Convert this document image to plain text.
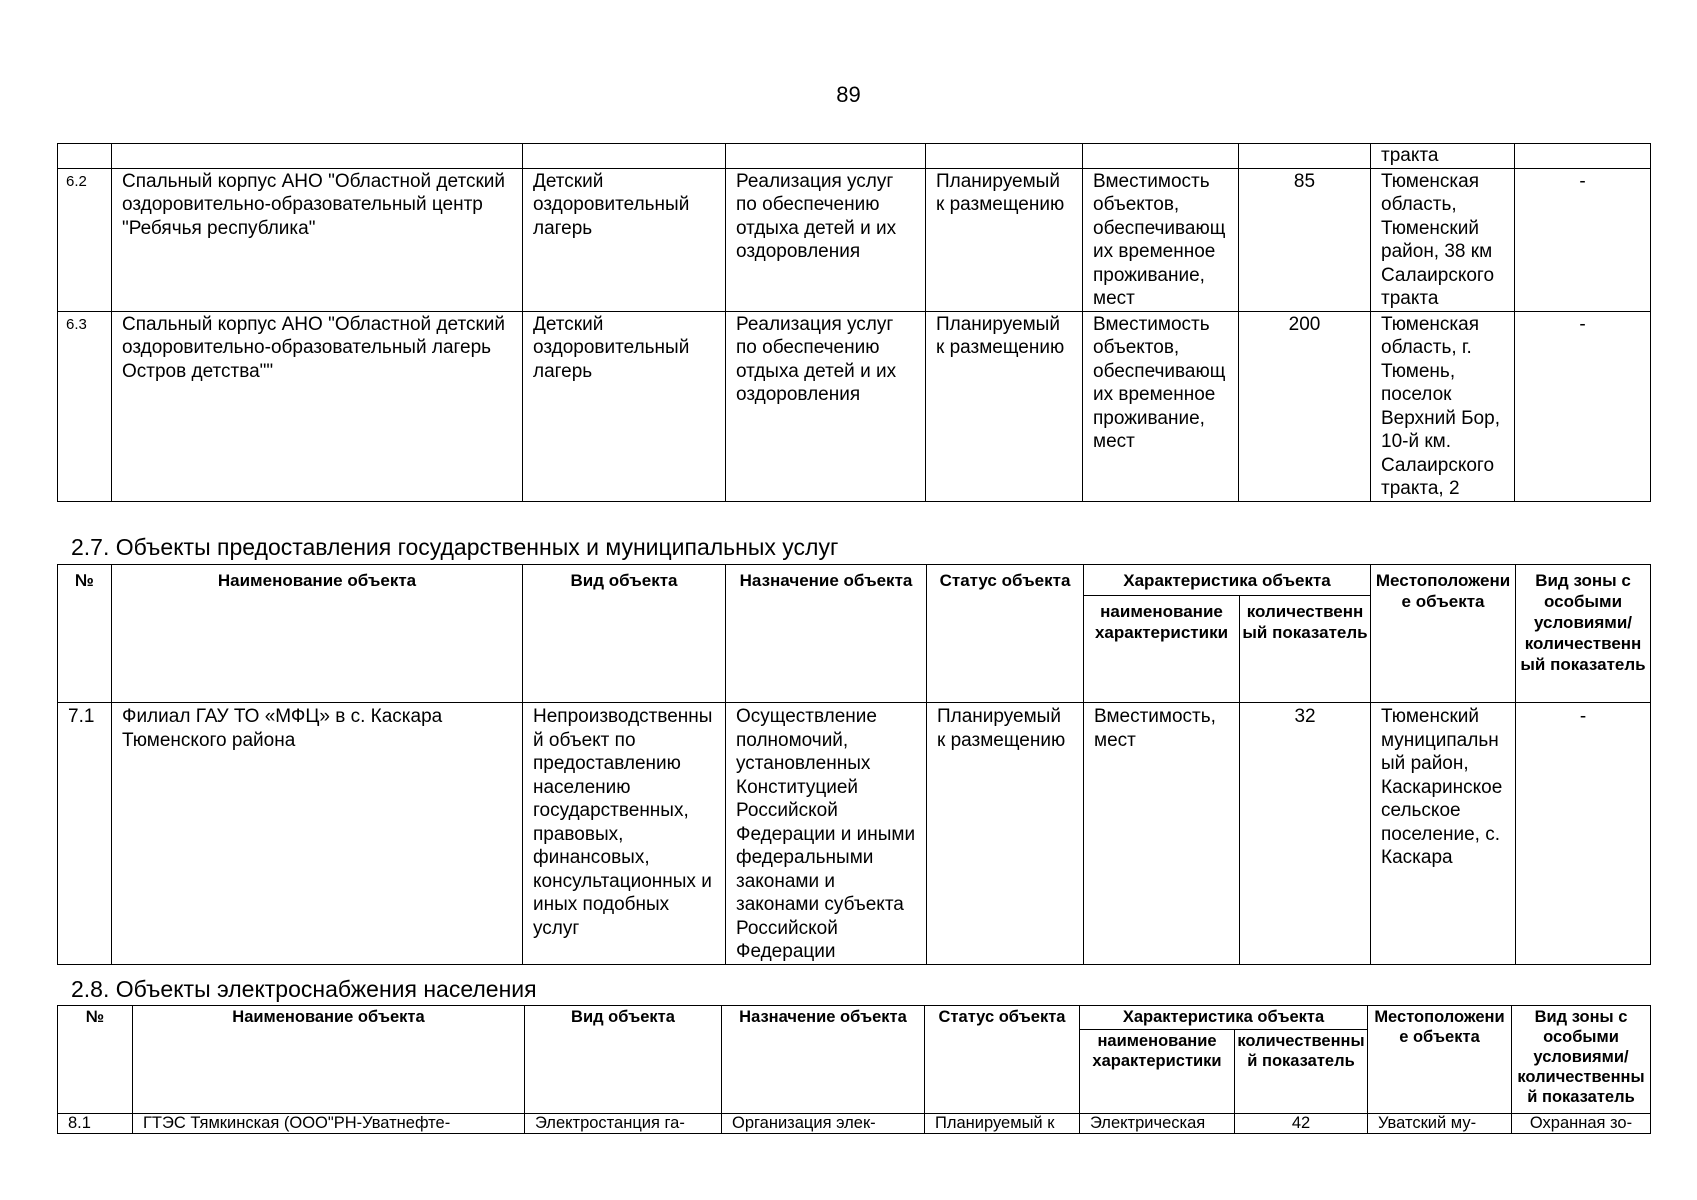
89
							тракта	
6.2	Спальный корпус АНО "Областной детский оздоровительно-образовательный центр "Ребячья республика"	Детский оздоровительный лагерь	Реализация услуг по обеспечению отдыха детей и их оздоровления	Планируемый к размещению	Вместимость объектов, обеспечивающих временное проживание, мест	85	Тюменская область, Тюменский район, 38 км Салаирского тракта	-
6.3	Спальный корпус АНО "Областной детский оздоровительно-образовательный лагерь Остров детства""	Детский оздоровительный лагерь	Реализация услуг по обеспечению отдыха детей и их оздоровления	Планируемый к размещению	Вместимость объектов, обеспечивающих временное проживание, мест	200	Тюменская область, г. Тюмень, поселок Верхний Бор, 10-й км. Салаирского тракта, 2	-
2.7. Объекты предоставления государственных и муниципальных услуг
№	Наименование объекта	Вид объекта	Назначение объекта	Статус объекта	Характеристика объекта		Местоположение объекта	Вид зоны с особыми условиями/ количественный показатель
					наименование характеристики	количественный показатель		
7.1	Филиал ГАУ ТО «МФЦ» в с. Каскара Тюменского района	Непроизводственный объект по предоставлению населению государственных, правовых, финансовых, консультационных и иных подобных услуг	Осуществление полномочий, установленных Конституцией Российской Федерации и иными федеральными законами и законами субъекта Российской Федерации	Планируемый к размещению	Вместимость, мест	32	Тюменский муниципальный район, Каскаринское сельское поселение, с. Каскара	-
2.8. Объекты электроснабжения населения
№	Наименование объекта	Вид объекта	Назначение объекта	Статус объекта	Характеристика объекта		Местоположение объекта	Вид зоны с особыми условиями/ количественный показатель
					наименование характеристики	количественный показатель		
8.1	ГТЭС Тямкинская (ООО"РН-Уватнефте-	Электростанция га-	Организация элек-	Планируемый к	Электрическая	42	Уватский му-	Охранная зо-
